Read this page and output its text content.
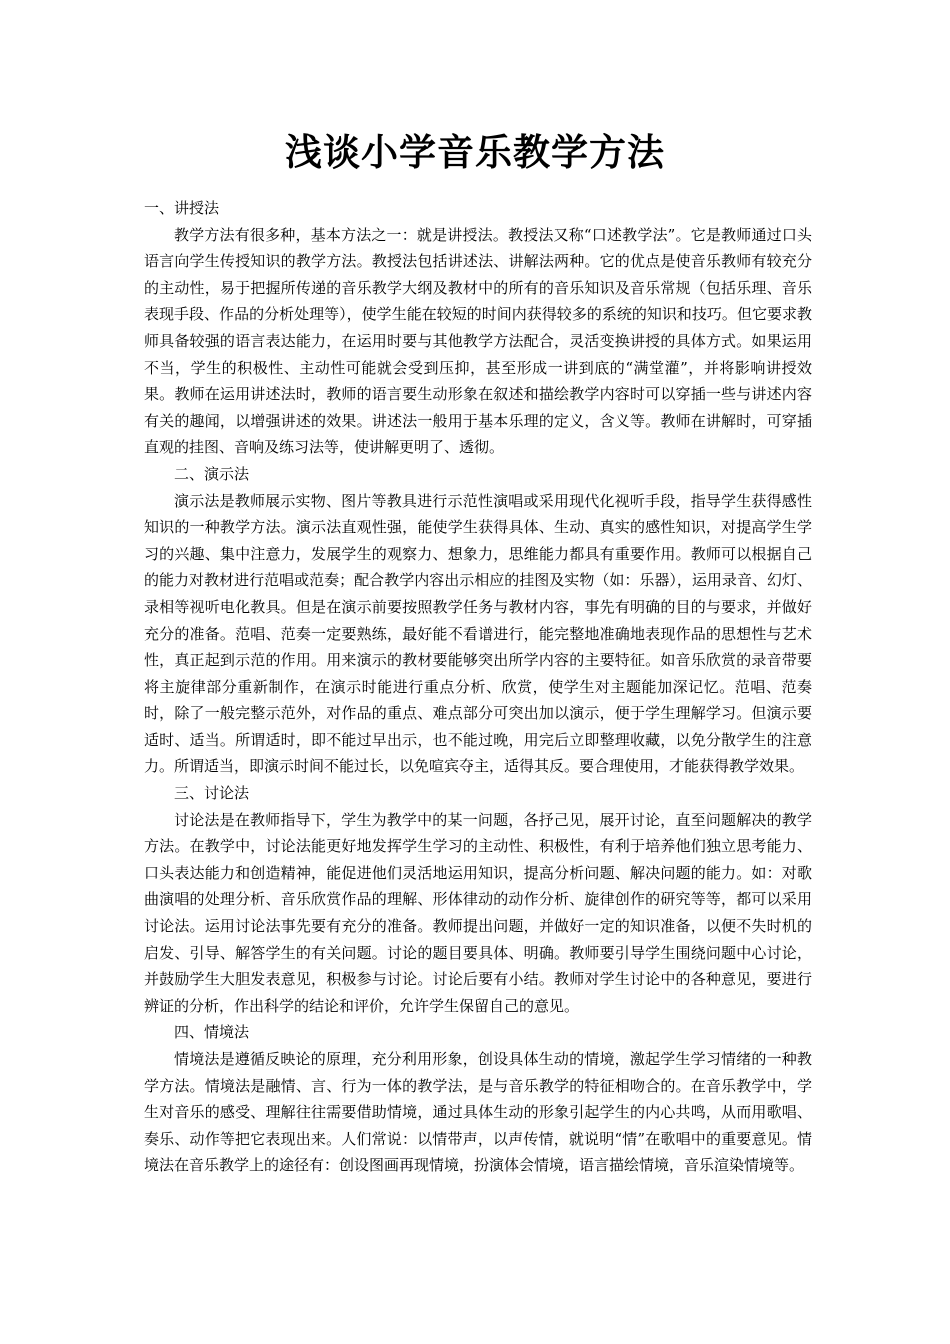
浅谈小学音乐教学方法

一、讲授法

教学方法有很多种，基本方法之一：就是讲授法。教授法又称“口述教学法”。它是教师通过口头语言向学生传授知识的教学方法。教授法包括讲述法、讲解法两种。它的优点是使音乐教师有较充分的主动性，易于把握所传递的音乐教学大纲及教材中的所有的音乐知识及音乐常规（包括乐理、音乐表现手段、作品的分析处理等），使学生能在较短的时间内获得较多的系统的知识和技巧。但它要求教师具备较强的语言表达能力，在运用时要与其他教学方法配合，灵活变换讲授的具体方式。如果运用不当，学生的积极性、主动性可能就会受到压抑，甚至形成一讲到底的“满堂灌”，并将影响讲授效果。教师在运用讲述法时，教师的语言要生动形象在叙述和描绘教学内容时可以穿插一些与讲述内容有关的趣闻，以增强讲述的效果。讲述法一般用于基本乐理的定义，含义等。教师在讲解时，可穿插直观的挂图、音响及练习法等，使讲解更明了、透彻。

二、演示法

演示法是教师展示实物、图片等教具进行示范性演唱或采用现代化视听手段，指导学生获得感性知识的一种教学方法。演示法直观性强，能使学生获得具体、生动、真实的感性知识，对提高学生学习的兴趣、集中注意力，发展学生的观察力、想象力，思维能力都具有重要作用。教师可以根据自己的能力对教材进行范唱或范奏；配合教学内容出示相应的挂图及实物（如：乐器），运用录音、幻灯、录相等视听电化教具。但是在演示前要按照教学任务与教材内容，事先有明确的目的与要求，并做好充分的准备。范唱、范奏一定要熟练，最好能不看谱进行，能完整地准确地表现作品的思想性与艺术性，真正起到示范的作用。用来演示的教材要能够突出所学内容的主要特征。如音乐欣赏的录音带要将主旋律部分重新制作，在演示时能进行重点分析、欣赏，使学生对主题能加深记忆。范唱、范奏时，除了一般完整示范外，对作品的重点、难点部分可突出加以演示，便于学生理解学习。但演示要适时、适当。所谓适时，即不能过早出示，也不能过晚，用完后立即整理收藏，以免分散学生的注意力。所谓适当，即演示时间不能过长，以免喧宾夺主，适得其反。要合理使用，才能获得教学效果。

三、讨论法

讨论法是在教师指导下，学生为教学中的某一问题，各抒己见，展开讨论，直至问题解决的教学方法。在教学中，讨论法能更好地发挥学生学习的主动性、积极性，有利于培养他们独立思考能力、口头表达能力和创造精神，能促进他们灵活地运用知识，提高分析问题、解决问题的能力。如：对歌曲演唱的处理分析、音乐欣赏作品的理解、形体律动的动作分析、旋律创作的研究等等，都可以采用讨论法。运用讨论法事先要有充分的准备。教师提出问题，并做好一定的知识准备，以便不失时机的启发、引导、解答学生的有关问题。讨论的题目要具体、明确。教师要引导学生围绕问题中心讨论，并鼓励学生大胆发表意见，积极参与讨论。讨论后要有小结。教师对学生讨论中的各种意见，要进行辨证的分析，作出科学的结论和评价，允许学生保留自己的意见。

四、情境法

情境法是遵循反映论的原理，充分利用形象，创设具体生动的情境，激起学生学习情绪的一种教学方法。情境法是融情、言、行为一体的教学法，是与音乐教学的特征相吻合的。在音乐教学中，学生对音乐的感受、理解往往需要借助情境，通过具体生动的形象引起学生的内心共鸣，从而用歌唱、奏乐、动作等把它表现出来。人们常说：以情带声，以声传情，就说明“情”在歌唱中的重要意见。情境法在音乐教学上的途径有：创设图画再现情境，扮演体会情境，语言描绘情境，音乐渲染情境等。
